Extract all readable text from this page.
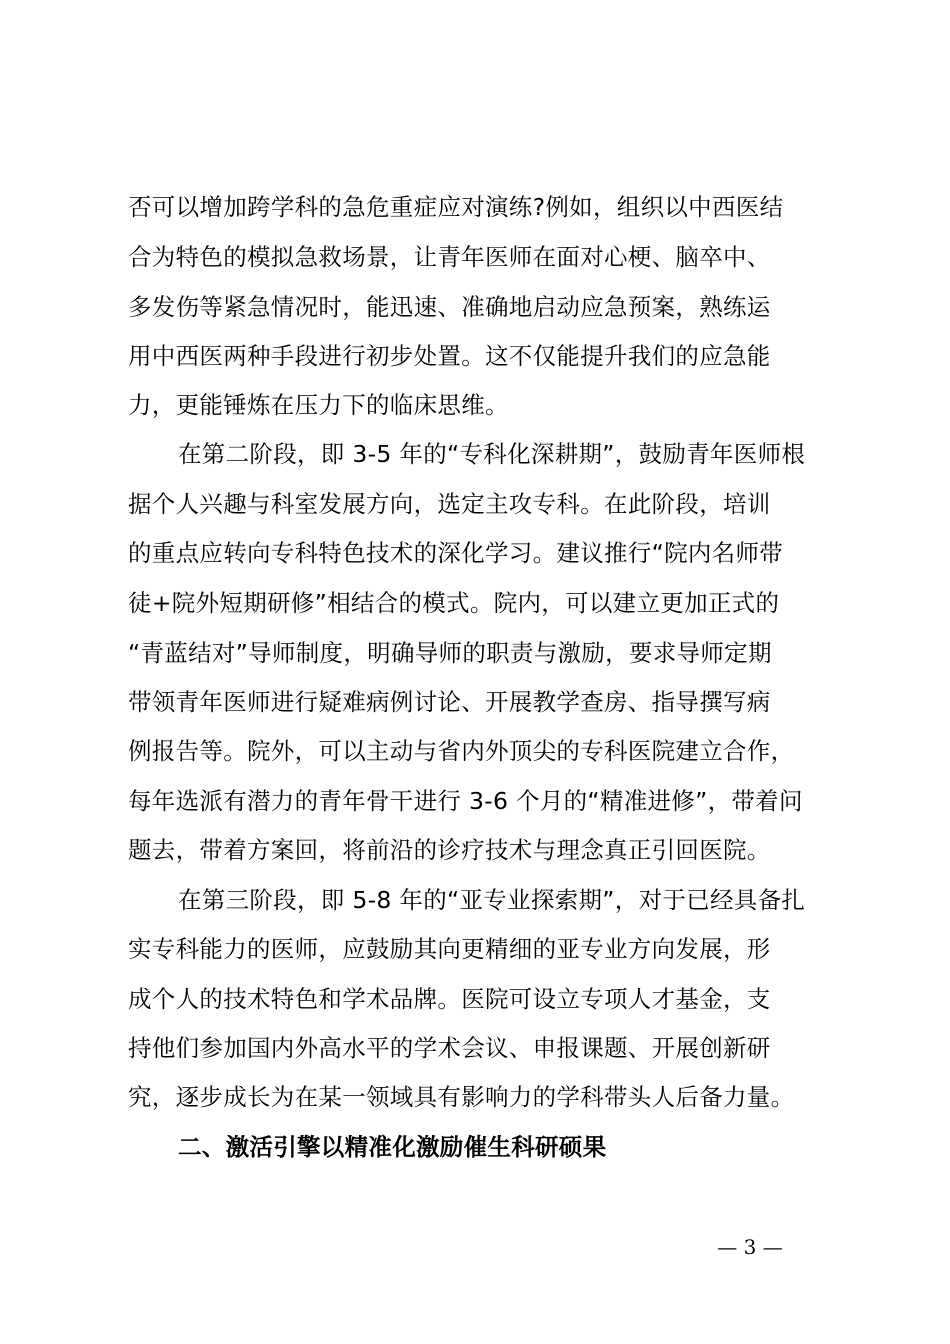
否可以增加跨学科的急危重症应对演练?例如，组织以中西医结
合为特色的模拟急救场景，让青年医师在面对心梗、脑卒中、
多发伤等紧急情况时，能迅速、准确地启动应急预案，熟练运
用中西医两种手段进行初步处置。这不仅能提升我们的应急能
力，更能锤炼在压力下的临床思维。
在第二阶段，即 3-5 年的“专科化深耕期”，鼓励青年医师根
据个人兴趣与科室发展方向，选定主攻专科。在此阶段，培训
的重点应转向专科特色技术的深化学习。建议推行“院内名师带
徒+院外短期研修”相结合的模式。院内，可以建立更加正式的
“青蓝结对”导师制度，明确导师的职责与激励，要求导师定期
带领青年医师进行疑难病例讨论、开展教学查房、指导撰写病
例报告等。院外，可以主动与省内外顶尖的专科医院建立合作，
每年选派有潜力的青年骨干进行 3-6 个月的“精准进修”，带着问
题去，带着方案回，将前沿的诊疗技术与理念真正引回医院。
在第三阶段，即 5-8 年的“亚专业探索期”，对于已经具备扎
实专科能力的医师，应鼓励其向更精细的亚专业方向发展，形
成个人的技术特色和学术品牌。医院可设立专项人才基金，支
持他们参加国内外高水平的学术会议、申报课题、开展创新研
究，逐步成长为在某一领域具有影响力的学科带头人后备力量。
二、激活引擎以精准化激励催生科研硕果
— 3 —
